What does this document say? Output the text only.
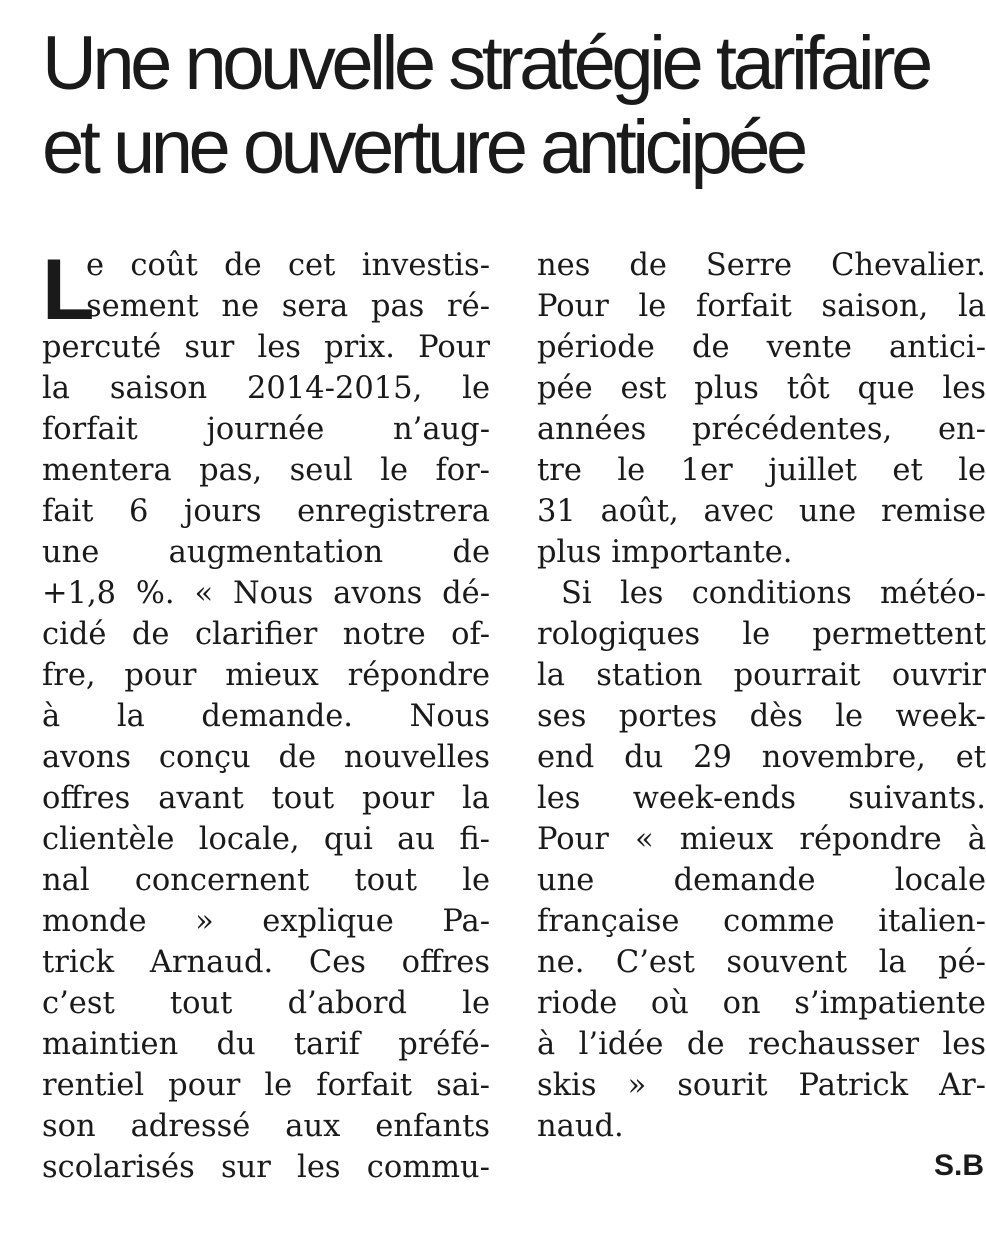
Une nouvelle stratégie tarifaire
et une ouverture anticipée
L
e coût de cet investis-
sement ne sera pas ré-
percuté sur les prix. Pour
la saison 2014-2015, le
forfait journée n’aug-
mentera pas, seul le for-
fait 6 jours enregistrera
une augmentation de
+1,8 %. « Nous avons dé-
cidé de clarifier notre of-
fre, pour mieux répondre
à la demande. Nous
avons conçu de nouvelles
offres avant tout pour la
clientèle locale, qui au fi-
nal concernent tout le
monde » explique Pa-
trick Arnaud. Ces offres
c’est tout d’abord le
maintien du tarif préfé-
rentiel pour le forfait sai-
son adressé aux enfants
scolarisés sur les commu-
nes de Serre Chevalier.
Pour le forfait saison, la
période de vente antici-
pée est plus tôt que les
années précédentes, en-
tre le 1er juillet et le
31 août, avec une remise
plus importante.
Si les conditions météo-
rologiques le permettent
la station pourrait ouvrir
ses portes dès le week-
end du 29 novembre, et
les week-ends suivants.
Pour « mieux répondre à
une demande locale
française comme italien-
ne. C’est souvent la pé-
riode où on s’impatiente
à l’idée de rechausser les
skis » sourit Patrick Ar-
naud.
S.B
